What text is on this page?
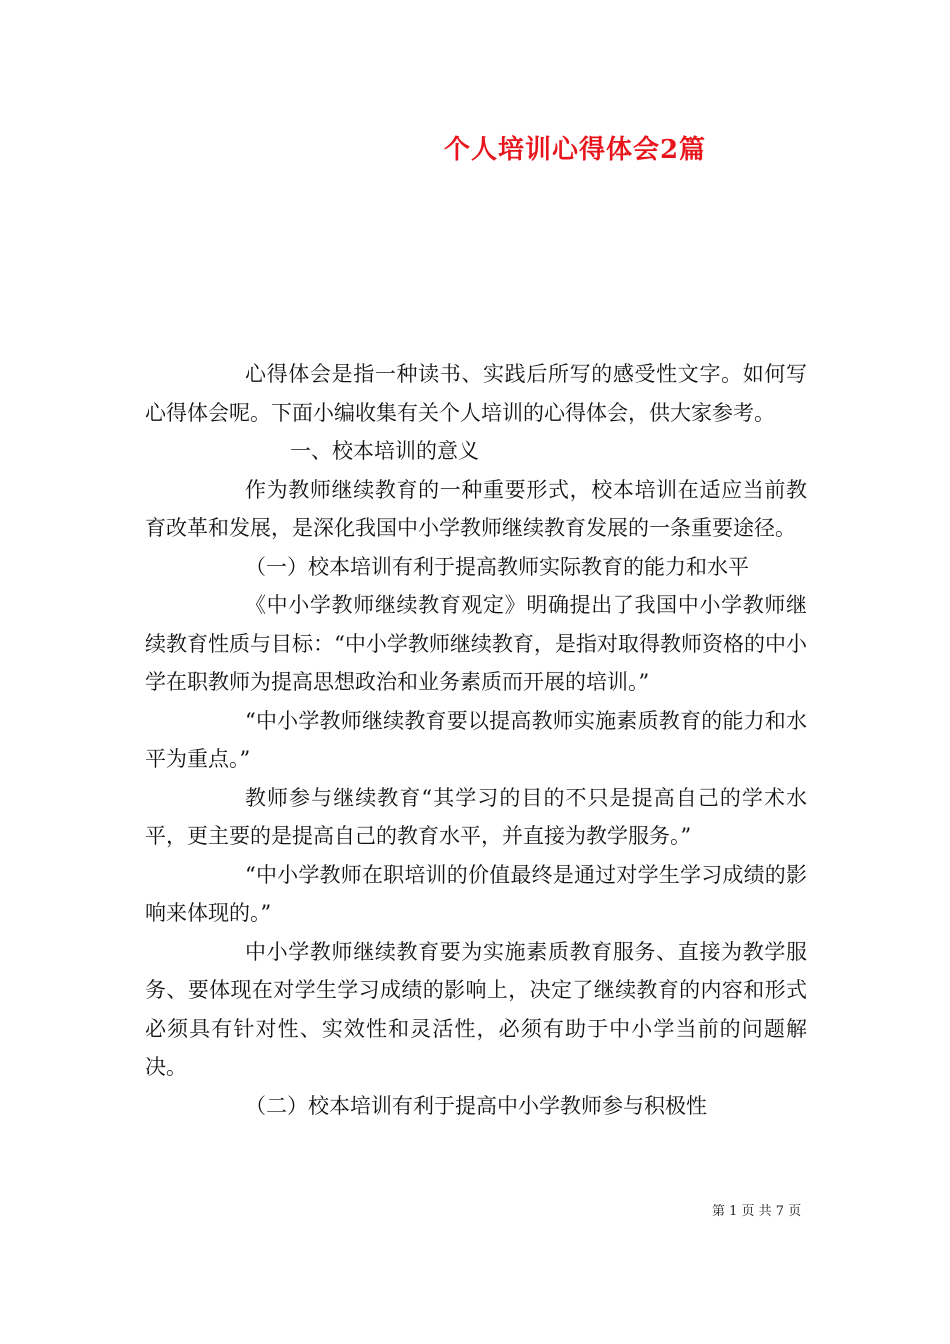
个人培训心得体会2篇

心得体会是指一种读书、实践后所写的感受性文字。如何写心得体会呢。下面小编收集有关个人培训的心得体会，供大家参考。

一、校本培训的意义

作为教师继续教育的一种重要形式，校本培训在适应当前教育改革和发展，是深化我国中小学教师继续教育发展的一条重要途径。

（一）校本培训有利于提高教师实际教育的能力和水平

《中小学教师继续教育观定》明确提出了我国中小学教师继续教育性质与目标：“中小学教师继续教育，是指对取得教师资格的中小学在职教师为提高思想政治和业务素质而开展的培训。”

“中小学教师继续教育要以提高教师实施素质教育的能力和水平为重点。”

教师参与继续教育“其学习的目的不只是提高自己的学术水平，更主要的是提高自己的教育水平，并直接为教学服务。”

“中小学教师在职培训的价值最终是通过对学生学习成绩的影响来体现的。”

中小学教师继续教育要为实施素质教育服务、直接为教学服务、要体现在对学生学习成绩的影响上，决定了继续教育的内容和形式必须具有针对性、实效性和灵活性，必须有助于中小学当前的问题解决。

（二）校本培训有利于提高中小学教师参与积极性

第 1 页 共 7 页
